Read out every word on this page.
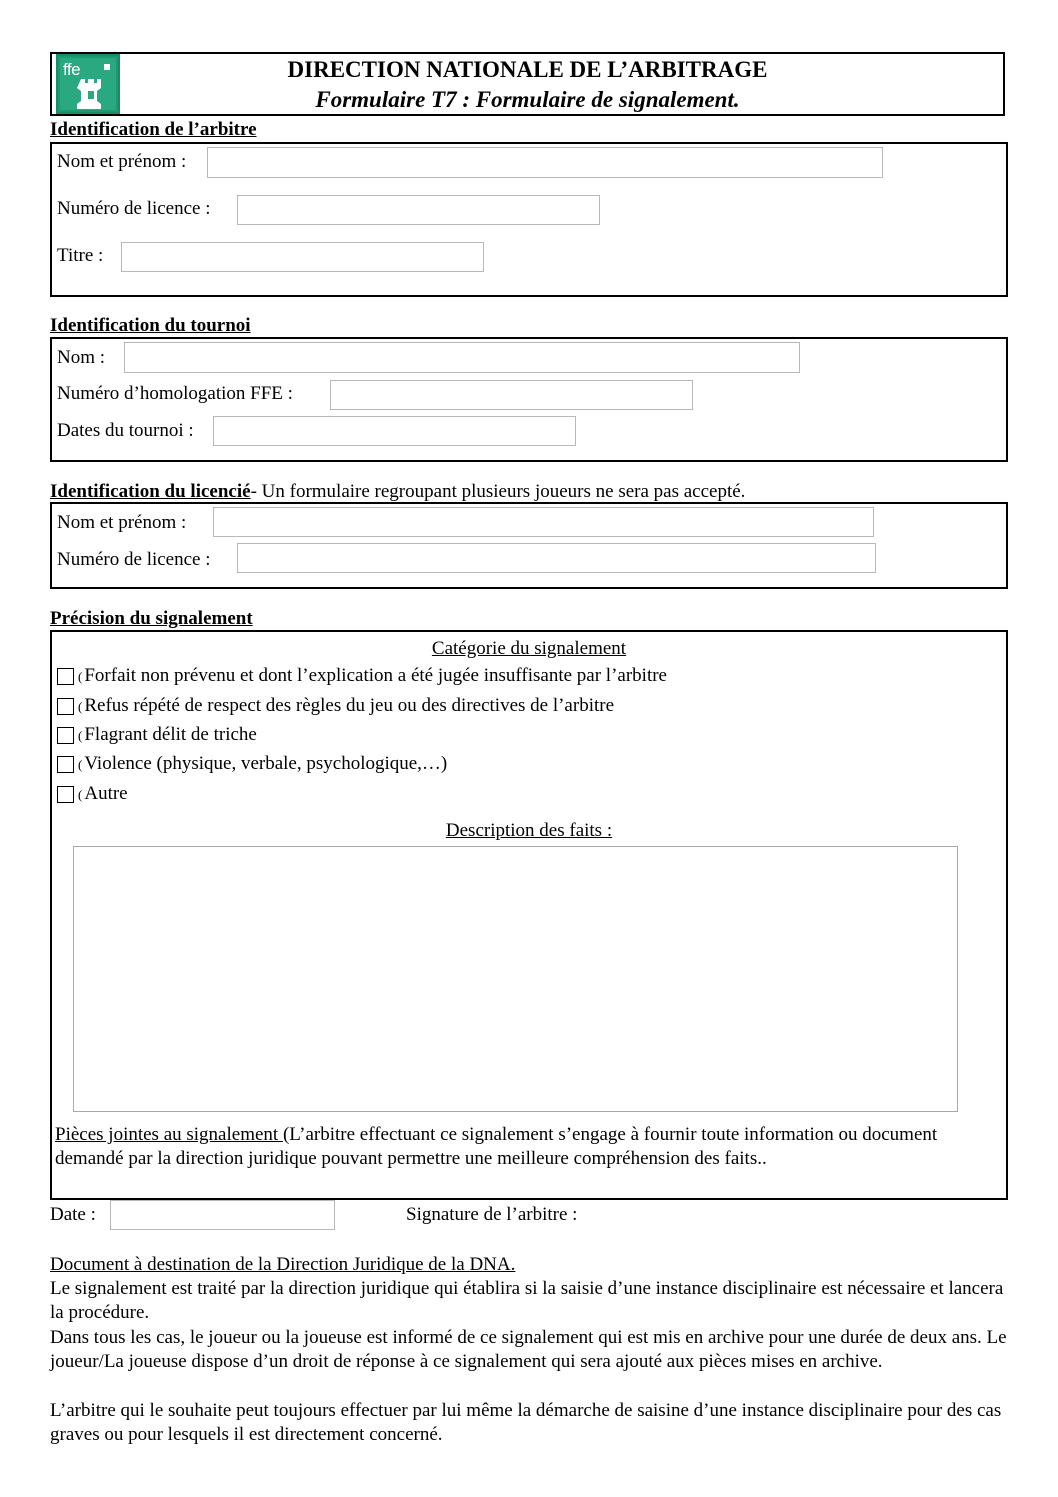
ffe	DIRECTION NATIONALE DE L’ARBITRAGE
Formulaire T7 : Formulaire de signalement.
Identification de l’arbitre
Nom et prénom :
Numéro de licence :
Titre :
Identification du tournoi
Nom :
Numéro d’homologation FFE :
Dates du tournoi :
Identification du licencié- Un formulaire regroupant plusieurs joueurs ne sera pas accepté.
Nom et prénom :
Numéro de licence :
Précision du signalement
Catégorie du signalement
( Forfait non prévenu et dont l’explication a été jugée insuffisante par l’arbitre
( Refus répété de respect des règles du jeu ou des directives de l’arbitre
( Flagrant délit de triche
( Violence (physique, verbale, psychologique,…)
( Autre
Description des faits :
Pièces jointes au signalement (L’arbitre effectuant ce signalement s’engage à fournir toute information ou document demandé par la direction juridique pouvant permettre une meilleure compréhension des faits..
Date :	Signature de l’arbitre :
Document à destination de la Direction Juridique de la DNA.
Le signalement est traité par la direction juridique qui établira si la saisie d’une instance disciplinaire est nécessaire et lancera la procédure.
Dans tous les cas, le joueur ou la joueuse est informé de ce signalement qui est mis en archive pour une durée de deux ans. Le joueur/La joueuse dispose d’un droit de réponse à ce signalement qui sera ajouté aux pièces mises en archive.
L’arbitre qui le souhaite peut toujours effectuer par lui même la démarche de saisine d’une instance disciplinaire pour des cas graves ou pour lesquels il est directement concerné.
